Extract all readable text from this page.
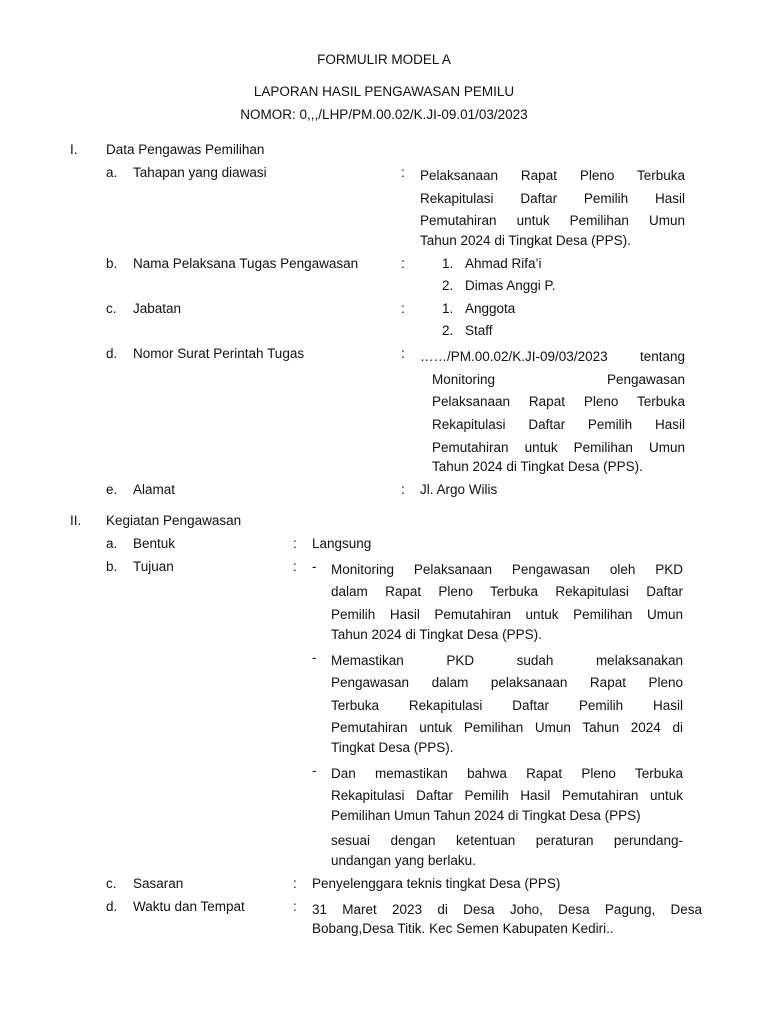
FORMULIR MODEL A
LAPORAN HASIL PENGAWASAN PEMILU
NOMOR: 0,,,/LHP/PM.00.02/K.JI-09.01/03/2023
I. Data Pengawas Pemilihan
a. Tahapan yang diawasi	: Pelaksanaan Rapat Pleno Terbuka
Rekapitulasi Daftar Pemilih Hasil
Pemutahiran untuk Pemilihan Umun
Tahun 2024 di Tingkat Desa (PPS).
b. Nama Pelaksana Tugas Pengawasan	:	1. Ahmad Rifa’i
2. Dimas Anggi P.
c. Jabatan	:	1. Anggota
2. Staff
d. Nomor Surat Perintah Tugas	: ……/PM.00.02/K.JI-09/03/2023 tentang
Monitoring Pengawasan
Pelaksanaan Rapat Pleno Terbuka
Rekapitulasi Daftar Pemilih Hasil
Pemutahiran untuk Pemilihan Umun
Tahun 2024 di Tingkat Desa (PPS).
e. Alamat	: Jl. Argo Wilis
II. Kegiatan Pengawasan
a. Bentuk	: Langsung
b. Tujuan	: - Monitoring Pelaksanaan Pengawasan oleh PKD
dalam Rapat Pleno Terbuka Rekapitulasi Daftar
Pemilih Hasil Pemutahiran untuk Pemilihan Umun
Tahun 2024 di Tingkat Desa (PPS).
- Memastikan PKD sudah melaksanakan
Pengawasan dalam pelaksanaan Rapat Pleno
Terbuka Rekapitulasi Daftar Pemilih Hasil
Pemutahiran untuk Pemilihan Umun Tahun 2024 di
Tingkat Desa (PPS).
- Dan memastikan bahwa Rapat Pleno Terbuka
Rekapitulasi Daftar Pemilih Hasil Pemutahiran untuk
Pemilihan Umun Tahun 2024 di Tingkat Desa (PPS)
sesuai dengan ketentuan peraturan perundang-
undangan yang berlaku.
c. Sasaran	: Penyelenggara teknis tingkat Desa (PPS)
d. Waktu dan Tempat	: 31 Maret 2023 di Desa Joho, Desa Pagung, Desa
Bobang,Desa Titik. Kec Semen Kabupaten Kediri..
